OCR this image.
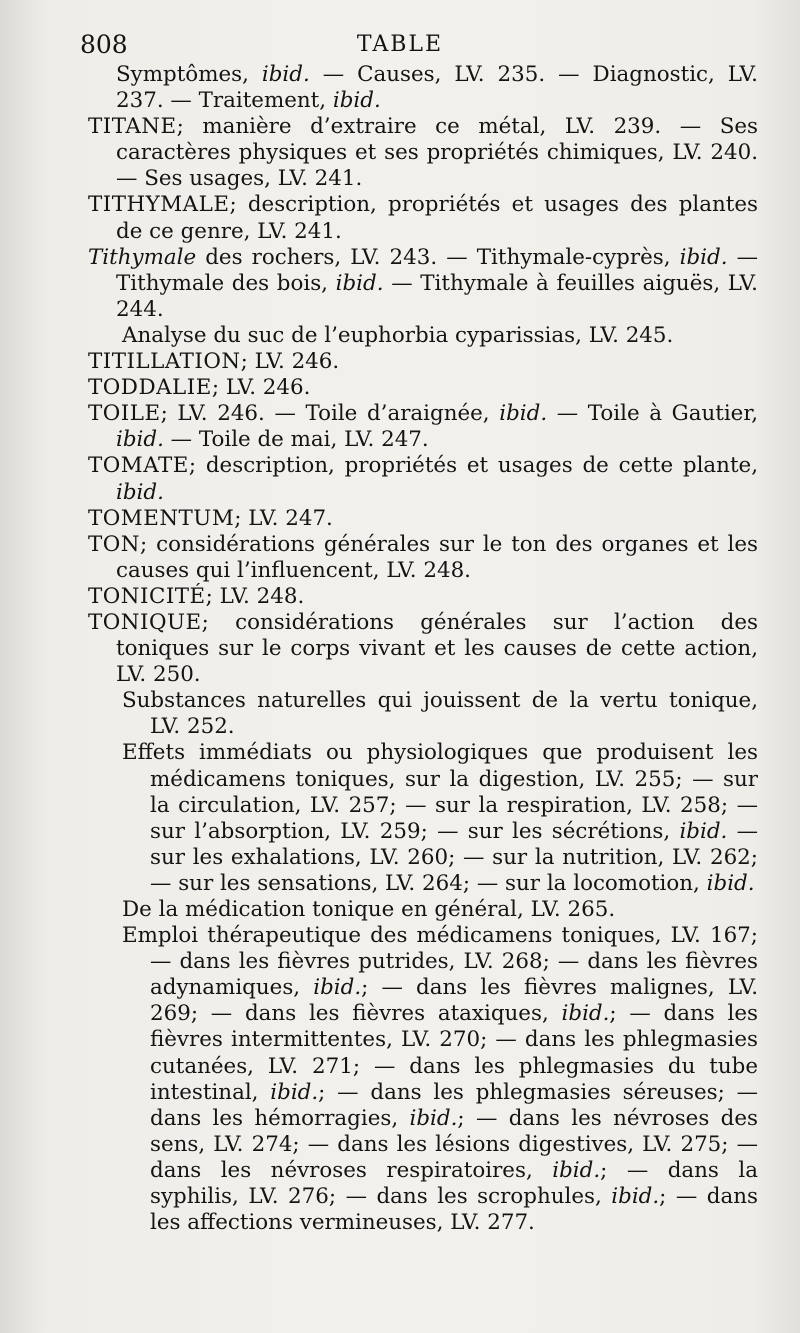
808	TABLE

Symptômes, ibid. — Causes, LV. 235. — Diagnostic, LV. 237. — Traitement, ibid.

TITANE; manière d’extraire ce métal, LV. 239. — Ses caractères physiques et ses propriétés chimiques, LV. 240. — Ses usages, LV. 241.

TITHYMALE; description, propriétés et usages des plantes de ce genre, LV. 241.

Tithymale des rochers, LV. 243. — Tithymale-cyprès, ibid. — Tithymale des bois, ibid. — Tithymale à feuilles aiguës, LV. 244.

Analyse du suc de l’euphorbia cyparissias, LV. 245.

TITILLATION; LV. 246.

TODDALIE; LV. 246.

TOILE; LV. 246. — Toile d’araignée, ibid. — Toile à Gautier, ibid. — Toile de mai, LV. 247.

TOMATE; description, propriétés et usages de cette plante, ibid.

TOMENTUM; LV. 247.

TON; considérations générales sur le ton des organes et les causes qui l’influencent, LV. 248.

TONICITÉ; LV. 248.

TONIQUE; considérations générales sur l’action des toniques sur le corps vivant et les causes de cette action, LV. 250.

Substances naturelles qui jouissent de la vertu tonique, LV. 252.

Effets immédiats ou physiologiques que produisent les médicamens toniques, sur la digestion, LV. 255; — sur la circulation, LV. 257; — sur la respiration, LV. 258; — sur l’absorption, LV. 259; — sur les sécrétions, ibid. — sur les exhalations, LV. 260; — sur la nutrition, LV. 262; — sur les sensations, LV. 264; — sur la locomotion, ibid.

De la médication tonique en général, LV. 265.

Emploi thérapeutique des médicamens toniques, LV. 167; — dans les fièvres putrides, LV. 268; — dans les fièvres adynamiques, ibid.; — dans les fièvres malignes, LV. 269; — dans les fièvres ataxiques, ibid.; — dans les fièvres intermittentes, LV. 270; — dans les phlegmasies cutanées, LV. 271; — dans les phlegmasies du tube intestinal, ibid.; — dans les phlegmasies séreuses; — dans les hémorragies, ibid.; — dans les névroses des sens, LV. 274; — dans les lésions digestives, LV. 275; — dans les névroses respiratoires, ibid.; — dans la syphilis, LV. 276; — dans les scrophules, ibid.; — dans les affections vermineuses, LV. 277.
